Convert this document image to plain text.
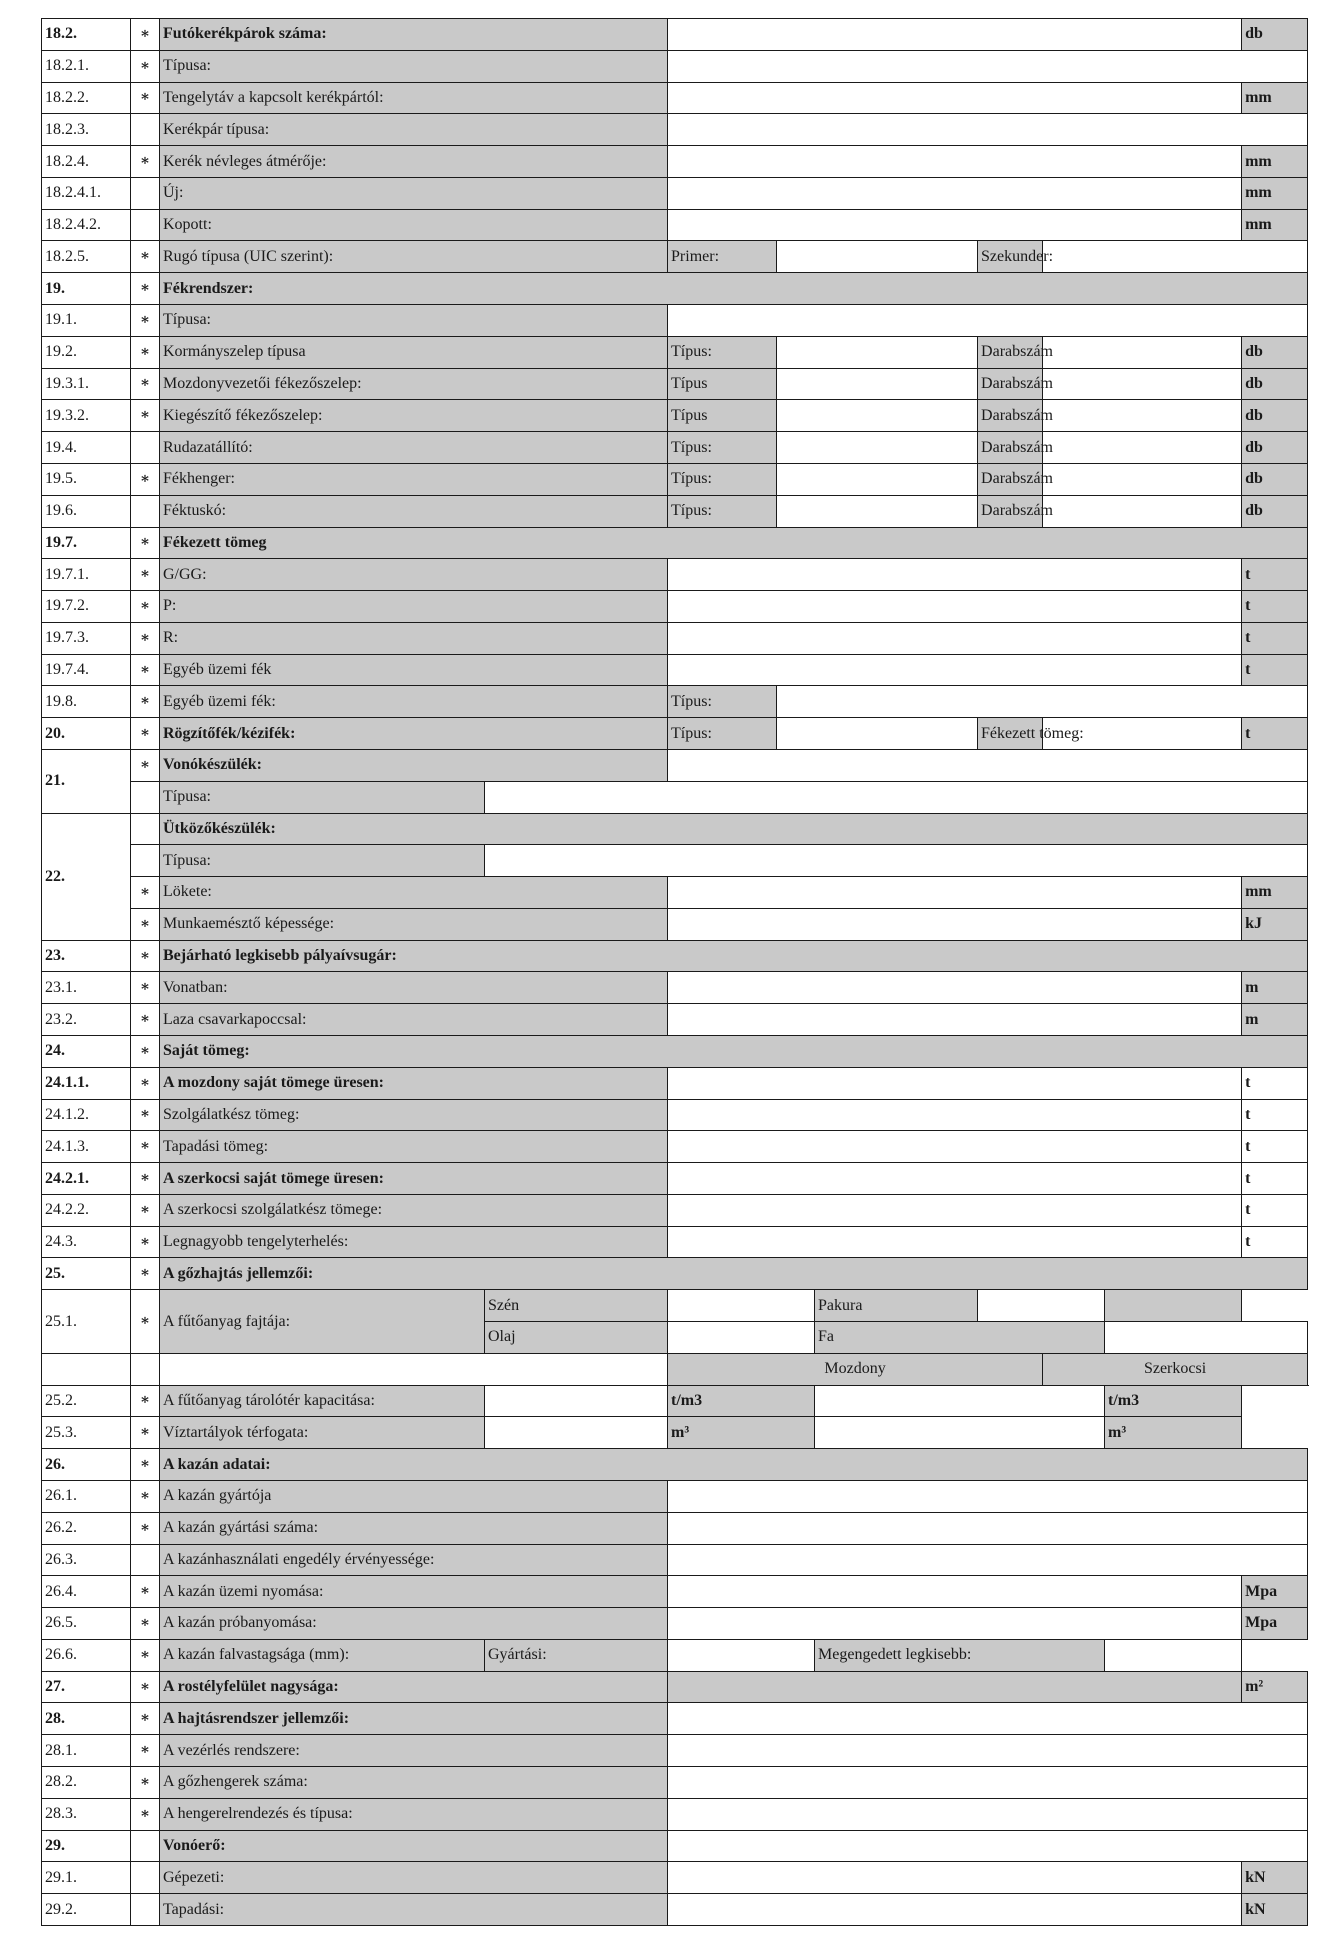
18.2.	∗	Futókerékpárok száma:								db	
18.2.1.	∗	Típusa:									
18.2.2.	∗	Tengelytáv a kapcsolt kerékpártól:								mm	
18.2.3.		Kerékpár típusa:									
18.2.4.	∗	Kerék névleges átmérője:								mm	
18.2.4.1.		Új:								mm	
18.2.4.2.		Kopott:								mm	
18.2.5.	∗	Rugó típusa (UIC szerint):		Primer:			Szekunder:				
19.	∗	Fékrendszer:									
19.1.	∗	Típusa:									
19.2.	∗	Kormányszelep típusa		Típus:			Darabszám			db	
19.3.1.	∗	Mozdonyvezetői fékezőszelep:		Típus			Darabszám			db	
19.3.2.	∗	Kiegészítő fékezőszelep:		Típus			Darabszám			db	
19.4.		Rudazatállító:		Típus:			Darabszám			db	
19.5.	∗	Fékhenger:		Típus:			Darabszám			db	
19.6.		Féktuskó:		Típus:			Darabszám			db	
19.7.	∗	Fékezett tömeg									
19.7.1.	∗	G/GG:								t	
19.7.2.	∗	P:								t	
19.7.3.	∗	R:								t	
19.7.4.	∗	Egyéb üzemi fék								t	
19.8.	∗	Egyéb üzemi fék:		Típus:							
20.	∗	Rögzítőfék/kézifék:		Típus:			Fékezett tömeg:			t	
21.	∗	Vonókészülék:									
		Típusa:									
22.		Ütközőkészülék:									
		Típusa:									
	∗	Lökete:								mm	
	∗	Munkaemésztő képessége:								kJ	
23.	∗	Bejárható legkisebb pályaívsugár:									
23.1.	∗	Vonatban:								m	
23.2.	∗	Laza csavarkapoccsal:								m	
24.	∗	Saját tömeg:									
24.1.1.	∗	A mozdony saját tömege üresen:								t	
24.1.2.	∗	Szolgálatkész tömeg:								t	
24.1.3.	∗	Tapadási tömeg:								t	
24.2.1.	∗	A szerkocsi saját tömege üresen:								t	
24.2.2.	∗	A szerkocsi szolgálatkész tömege:								t	
24.3.	∗	Legnagyobb tengelyterhelés:								t	
25.	∗	A gőzhajtás jellemzői:									
25.1.	∗	A fűtőanyag fajtája:	Szén			Pakura					
			Olaj			Fa					
				Mozdony				Szerkocsi			
25.2.	∗	A fűtőanyag tárolótér kapacitása:		t/m3					t/m3		
25.3.	∗	Víztartályok térfogata:		m³					m³		
26.	∗	A kazán adatai:									
26.1.	∗	A kazán gyártója									
26.2.	∗	A kazán gyártási száma:									
26.3.		A kazánhasználati engedély érvényessége:									
26.4.	∗	A kazán üzemi nyomása:								Mpa	
26.5.	∗	A kazán próbanyomása:								Mpa	
26.6.	∗	A kazán falvastagsága (mm):	Gyártási:			Megengedett legkisebb:					
27.	∗	A rostélyfelület nagysága:								m²	
28.	∗	A hajtásrendszer jellemzői:									
28.1.	∗	A vezérlés rendszere:									
28.2.	∗	A gőzhengerek száma:									
28.3.	∗	A hengerelrendezés és típusa:									
29.		Vonóerő:									
29.1.		Gépezeti:								kN	
29.2.		Tapadási:								kN	
